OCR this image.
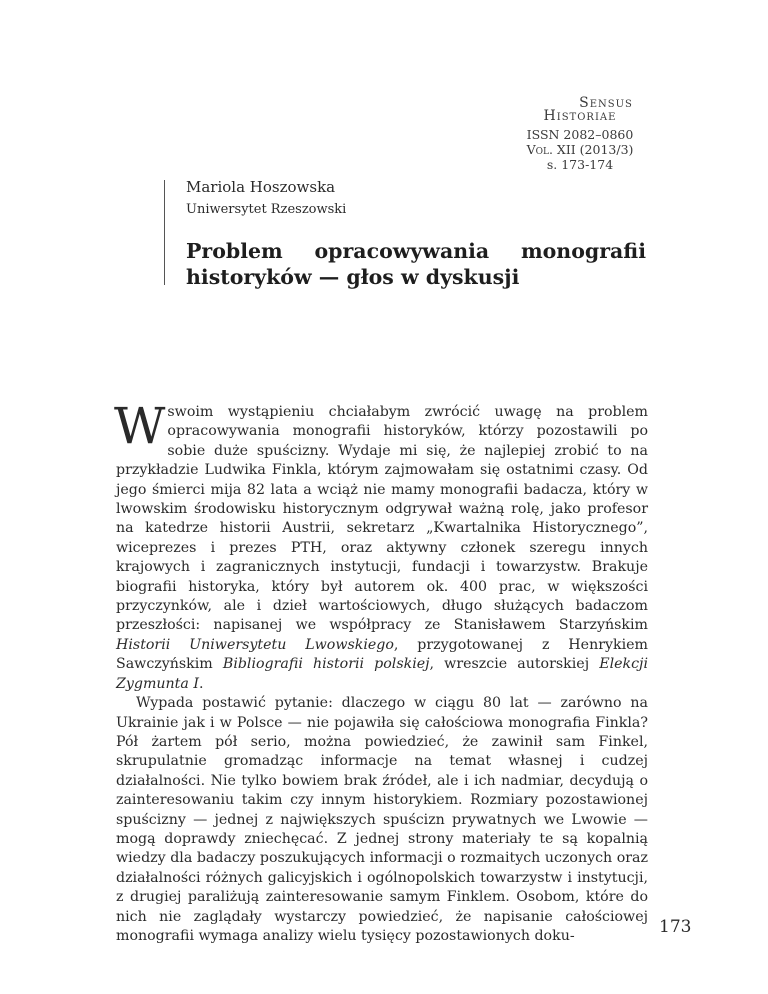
Sensus
Historiae
ISSN 2082–0860
Vol. XII (2013/3)
s. 173-174
Mariola Hoszowska
Uniwersytet Rzeszowski
Problem opracowywania monografii historyków — głos w dyskusji

Wswoim wystąpieniu chciałabym zwrócić uwagę na problem opracowywania monografii historyków, którzy pozostawili po sobie duże spuścizny. Wydaje mi się, że najlepiej zrobić to na przykładzie Ludwika Finkla, którym zajmowałam się ostatnimi czasy. Od jego śmierci mija 82 lata a wciąż nie mamy monografii badacza, który w lwowskim środowisku historycznym odgrywał ważną rolę, jako profesor na katedrze historii Austrii, sekretarz „Kwartalnika Historycznego”, wiceprezes i prezes PTH, oraz aktywny członek szeregu innych krajowych i zagranicznych instytucji, fundacji i towarzystw. Brakuje biografii historyka, który był autorem ok. 400 prac, w większości przyczynków, ale i dzieł wartościowych, długo służących badaczom przeszłości: napisanej we współpracy ze Stanisławem Starzyńskim Historii Uniwersytetu Lwowskiego, przygotowanej z Henrykiem Sawczyńskim Bibliografii historii polskiej, wreszcie autorskiej Elekcji Zygmunta I.

Wypada postawić pytanie: dlaczego w ciągu 80 lat — zarówno na Ukrainie jak i w Polsce — nie pojawiła się całościowa monografia Finkla? Pół żartem pół serio, można powiedzieć, że zawinił sam Finkel, skrupulatnie gromadząc informacje na temat własnej i cudzej działalności. Nie tylko bowiem brak źródeł, ale i ich nadmiar, decydują o zainteresowaniu takim czy innym historykiem. Rozmiary pozostawionej spuścizny — jednej z największych spuścizn prywatnych we Lwowie — mogą doprawdy zniechęcać. Z jednej strony materiały te są kopalnią wiedzy dla badaczy poszukujących informacji o rozmaitych uczonych oraz działalności różnych galicyjskich i ogólnopolskich towarzystw i instytucji, z drugiej paraliżują zainteresowanie samym Finklem. Osobom, które do nich nie zaglądały wystarczy powiedzieć, że napisanie całościowej monografii wymaga analizy wielu tysięcy pozostawionych doku-	173
